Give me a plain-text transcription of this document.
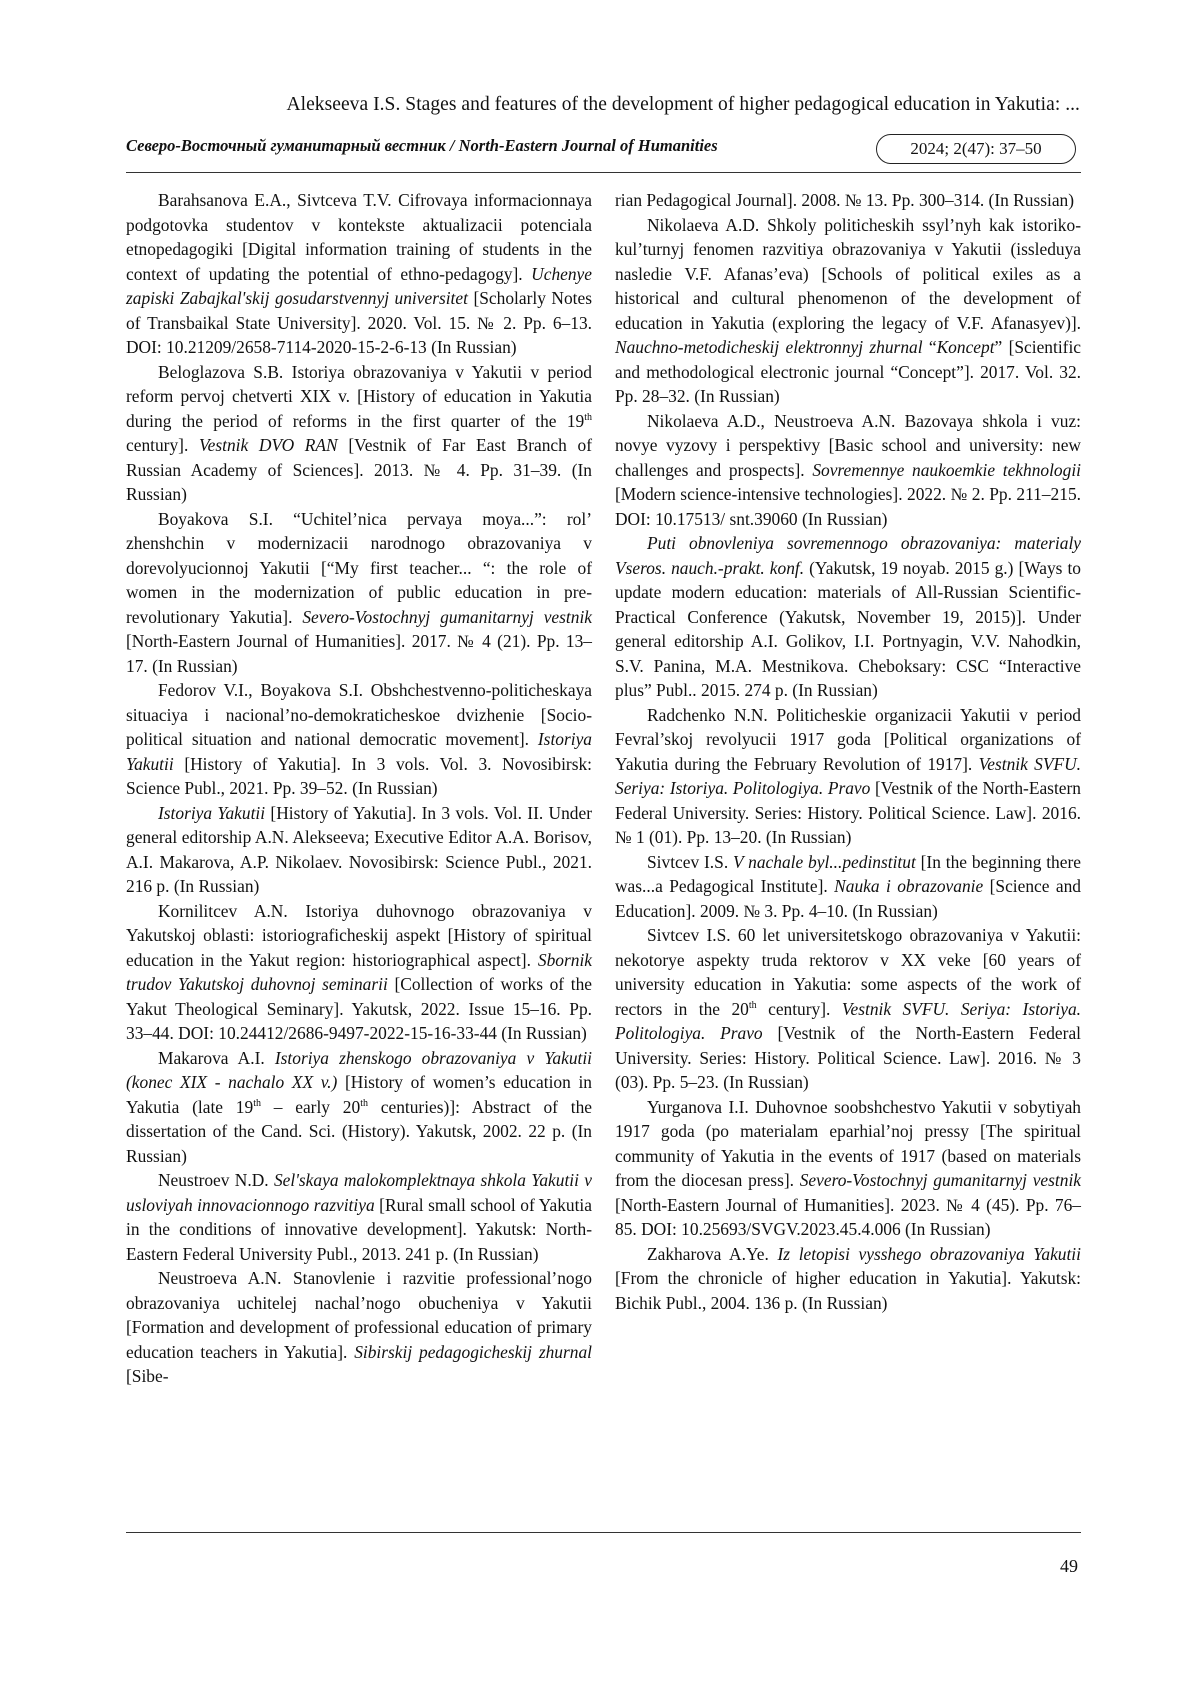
Alekseeva I.S. Stages and features of the development of higher pedagogical education in Yakutia: ...
Северо-Восточный гуманитарный вестник / North-Eastern Journal of Humanities	2024; 2(47): 37–50

Barahsanova E.A., Sivtceva T.V. Cifrovaya informacionnaya podgotovka studentov v kontekste aktualizacii potenciala etnopedagogiki [Digital information training of students in the context of updating the potential of ethno-pedagogy]. Uchenye zapiski Zabajkal'skij gosudarstvennyj universitet [Scholarly Notes of Transbaikal State University]. 2020. Vol. 15. № 2. Pp. 6–13. DOI: 10.21209/2658-7114-2020-15-2-6-13 (In Russian)

Beloglazova S.B. Istoriya obrazovaniya v Yakutii v period reform pervoj chetverti XIX v. [History of education in Yakutia during the period of reforms in the first quarter of the 19th century]. Vestnik DVO RAN [Vestnik of Far East Branch of Russian Academy of Sciences]. 2013. № 4. Pp. 31–39. (In Russian)

Boyakova S.I. “Uchitel’nica pervaya moya...”: rol’ zhenshchin v modernizacii narodnogo obrazovaniya v dorevolyucionnoj Yakutii [“My first teacher... “: the role of women in the modernization of public education in pre-revolutionary Yakutia]. Severo-Vostochnyj gumanitarnyj vestnik [North-Eastern Journal of Humanities]. 2017. № 4 (21). Pp. 13–17. (In Russian)

Fedorov V.I., Boyakova S.I. Obshchestvenno-politicheskaya situaciya i nacional’no-demokraticheskoe dvizhenie [Socio-political situation and national democratic movement]. Istoriya Yakutii [History of Yakutia]. In 3 vols. Vol. 3. Novosibirsk: Science Publ., 2021. Pp. 39–52. (In Russian)

Istoriya Yakutii [History of Yakutia]. In 3 vols. Vol. II. Under general editorship A.N. Alekseeva; Executive Editor A.A. Borisov, A.I. Makarova, A.P. Nikolaev. Novosibirsk: Science Publ., 2021. 216 p. (In Russian)

Kornilitcev A.N. Istoriya duhovnogo obrazovaniya v Yakutskoj oblasti: istoriograficheskij aspekt [History of spiritual education in the Yakut region: historiographical aspect]. Sbornik trudov Yakutskoj duhovnoj seminarii [Collection of works of the Yakut Theological Seminary]. Yakutsk, 2022. Issue 15–16. Pp. 33–44. DOI: 10.24412/2686-9497-2022-15-16-33-44 (In Russian)

Makarova A.I. Istoriya zhenskogo obrazovaniya v Yakutii (konec XIX - nachalo XX v.) [History of women’s education in Yakutia (late 19th – early 20th centuries)]: Abstract of the dissertation of the Cand. Sci. (History). Yakutsk, 2002. 22 p. (In Russian)

Neustroev N.D. Sel'skaya malokomplektnaya shkola Yakutii v usloviyah innovacionnogo razvitiya [Rural small school of Yakutia in the conditions of innovative development]. Yakutsk: North-Eastern Federal University Publ., 2013. 241 p. (In Russian)

Neustroeva A.N. Stanovlenie i razvitie professional’nogo obrazovaniya uchitelej nachal’nogo obucheniya v Yakutii [Formation and development of professional education of primary education teachers in Yakutia]. Sibirskij pedagogicheskij zhurnal [Sibe-

rian Pedagogical Journal]. 2008. № 13. Pp. 300–314. (In Russian)

Nikolaeva A.D. Shkoly politicheskih ssyl’nyh kak istoriko-kul’turnyj fenomen razvitiya obrazovaniya v Yakutii (issleduya nasledie V.F. Afanas’eva) [Schools of political exiles as a historical and cultural phenomenon of the development of education in Yakutia (exploring the legacy of V.F. Afanasyev)]. Nauchno-metodicheskij elektronnyj zhurnal “Koncept” [Scientific and methodological electronic journal “Concept”]. 2017. Vol. 32. Pp. 28–32. (In Russian)

Nikolaeva A.D., Neustroeva A.N. Bazovaya shkola i vuz: novye vyzovy i perspektivy [Basic school and university: new challenges and prospects]. Sovremennye naukoemkie tekhnologii [Modern science-intensive technologies]. 2022. № 2. Pp. 211–215. DOI: 10.17513/ snt.39060 (In Russian)

Puti obnovleniya sovremennogo obrazovaniya: materialy Vseros. nauch.-prakt. konf. (Yakutsk, 19 noyab. 2015 g.) [Ways to update modern education: materials of All-Russian Scientific-Practical Conference (Yakutsk, November 19, 2015)]. Under general editorship A.I. Golikov, I.I. Portnyagin, V.V. Nahodkin, S.V. Panina, M.A. Mestnikova. Cheboksary: CSC “Interactive plus” Publ.. 2015. 274 p. (In Russian)

Radchenko N.N. Politicheskie organizacii Yakutii v period Fevral’skoj revolyucii 1917 goda [Political organizations of Yakutia during the February Revolution of 1917]. Vestnik SVFU. Seriya: Istoriya. Politologiya. Pravo [Vestnik of the North-Eastern Federal University. Series: History. Political Science. Law]. 2016. № 1 (01). Pp. 13–20. (In Russian)

Sivtcev I.S. V nachale byl...pedinstitut [In the beginning there was...a Pedagogical Institute]. Nauka i obrazovanie [Science and Education]. 2009. № 3. Pp. 4–10. (In Russian)

Sivtcev I.S. 60 let universitetskogo obrazovaniya v Yakutii: nekotorye aspekty truda rektorov v XX veke [60 years of university education in Yakutia: some aspects of the work of rectors in the 20th century]. Vestnik SVFU. Seriya: Istoriya. Politologiya. Pravo [Vestnik of the North-Eastern Federal University. Series: History. Political Science. Law]. 2016. № 3 (03). Pp. 5–23. (In Russian)

Yurganova I.I. Duhovnoe soobshchestvo Yakutii v sobytiyah 1917 goda (po materialam eparhial’noj pressy [The spiritual community of Yakutia in the events of 1917 (based on materials from the diocesan press]. Severo-Vostochnyj gumanitarnyj vestnik [North-Eastern Journal of Humanities]. 2023. № 4 (45). Pp. 76–85. DOI: 10.25693/SVGV.2023.45.4.006 (In Russian)

Zakharova A.Ye. Iz letopisi vysshego obrazovaniya Yakutii [From the chronicle of higher education in Yakutia]. Yakutsk: Bichik Publ., 2004. 136 p. (In Russian)

49
